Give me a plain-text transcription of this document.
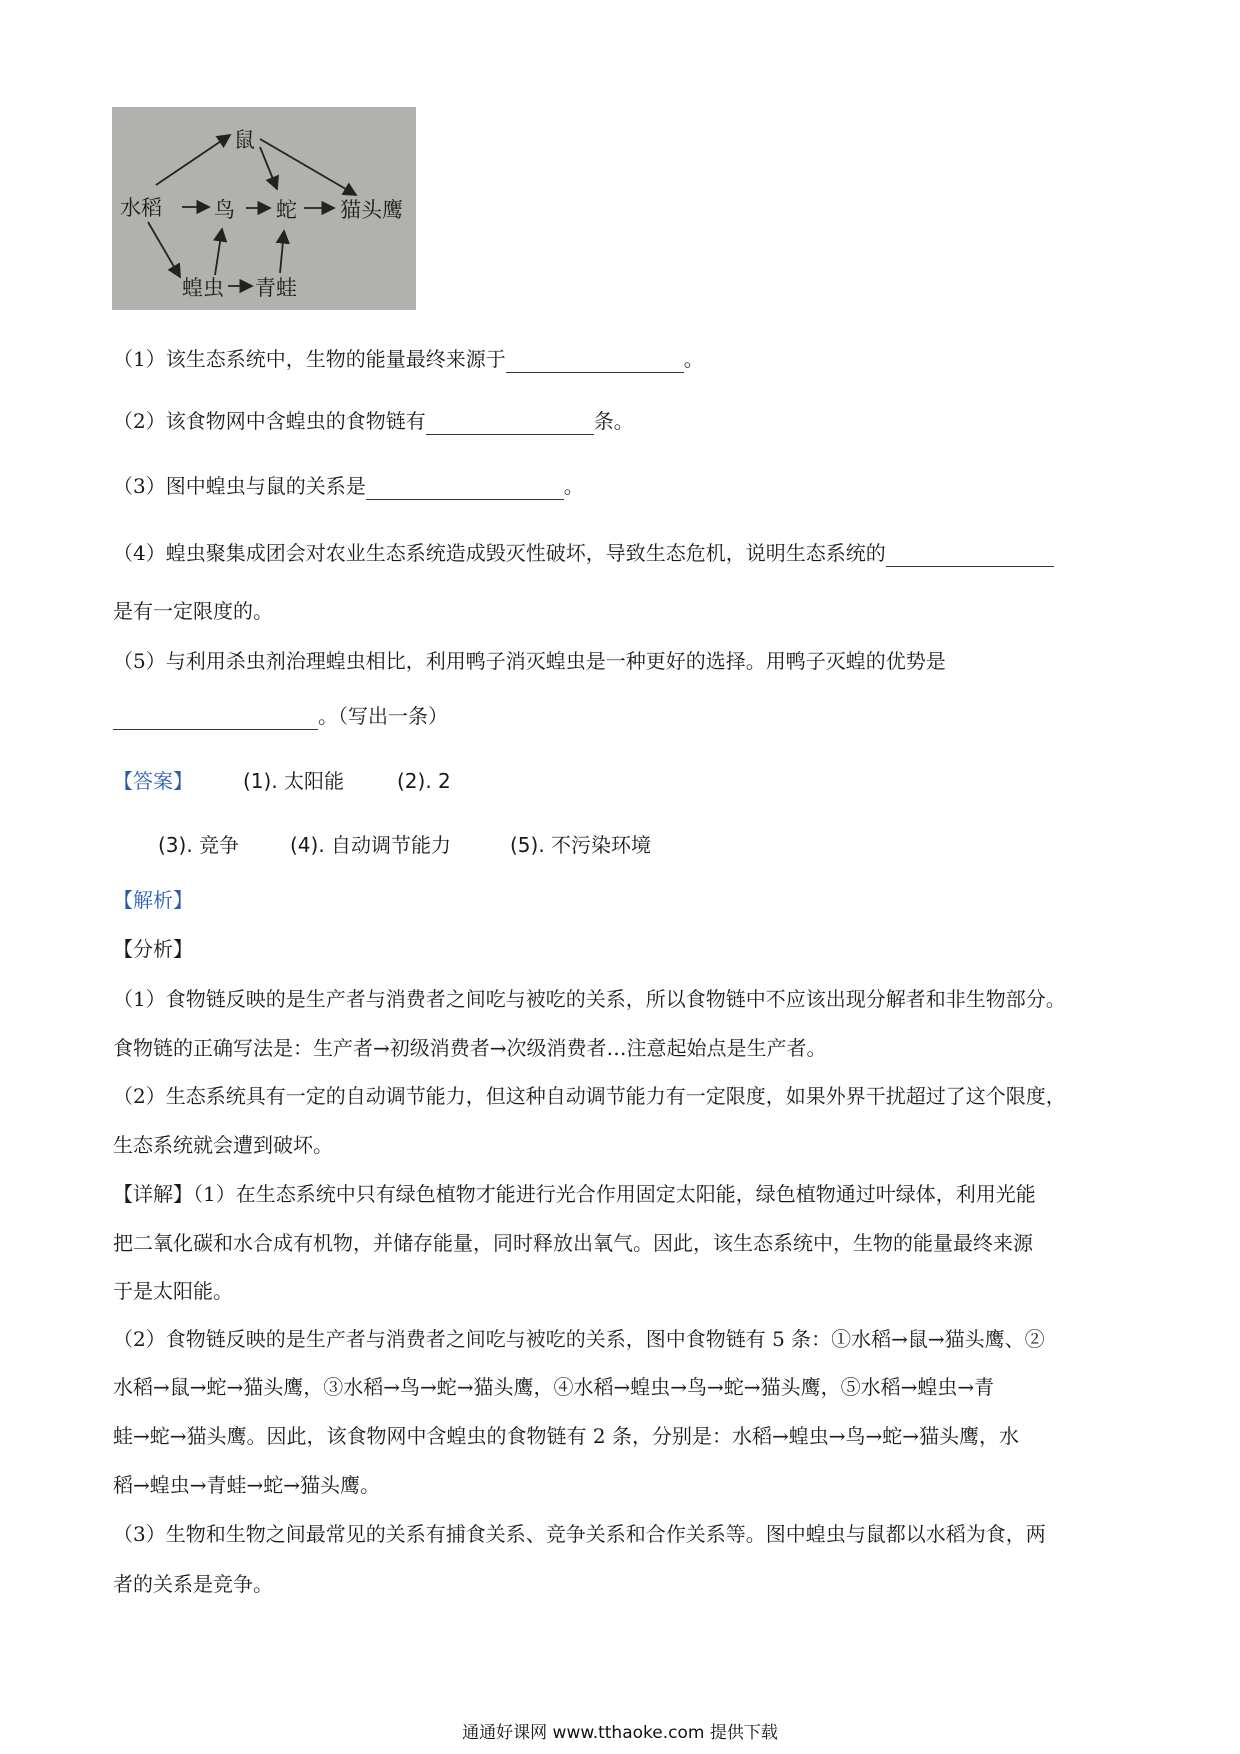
鼠
水稻 鸟 蛇 猫头鹰
蝗虫 青蛙
（1）该生态系统中，生物的能量最终来源于	。
（2）该食物网中含蝗虫的食物链有	条。
（3）图中蝗虫与鼠的关系是	。
（4）蝗虫聚集成团会对农业生态系统造成毁灭性破坏，导致生态危机，说明生态系统的
是有一定限度的。
（5）与利用杀虫剂治理蝗虫相比，利用鸭子消灭蝗虫是一种更好的选择。用鸭子灭蝗的优势是
。（写出一条）
【答案】	(1). 太阳能	(2). 2
(3). 竞争	(4). 自动调节能力	(5). 不污染环境
【解析】
【分析】
（1）食物链反映的是生产者与消费者之间吃与被吃的关系，所以食物链中不应该出现分解者和非生物部分。
食物链的正确写法是：生产者→初级消费者→次级消费者…注意起始点是生产者。
（2）生态系统具有一定的自动调节能力，但这种自动调节能力有一定限度，如果外界干扰超过了这个限度，
生态系统就会遭到破坏。
【详解】（1）在生态系统中只有绿色植物才能进行光合作用固定太阳能，绿色植物通过叶绿体，利用光能
把二氧化碳和水合成有机物，并储存能量，同时释放出氧气。因此，该生态系统中，生物的能量最终来源
于是太阳能。
（2）食物链反映的是生产者与消费者之间吃与被吃的关系，图中食物链有 5 条：①水稻→鼠→猫头鹰、②
水稻→鼠→蛇→猫头鹰，③水稻→鸟→蛇→猫头鹰，④水稻→蝗虫→鸟→蛇→猫头鹰，⑤水稻→蝗虫→青
蛙→蛇→猫头鹰。因此，该食物网中含蝗虫的食物链有 2 条，分别是：水稻→蝗虫→鸟→蛇→猫头鹰，水
稻→蝗虫→青蛙→蛇→猫头鹰。
（3）生物和生物之间最常见的关系有捕食关系、竞争关系和合作关系等。图中蝗虫与鼠都以水稻为食，两
者的关系是竞争。
通通好课网 www.tthaoke.com 提供下载
